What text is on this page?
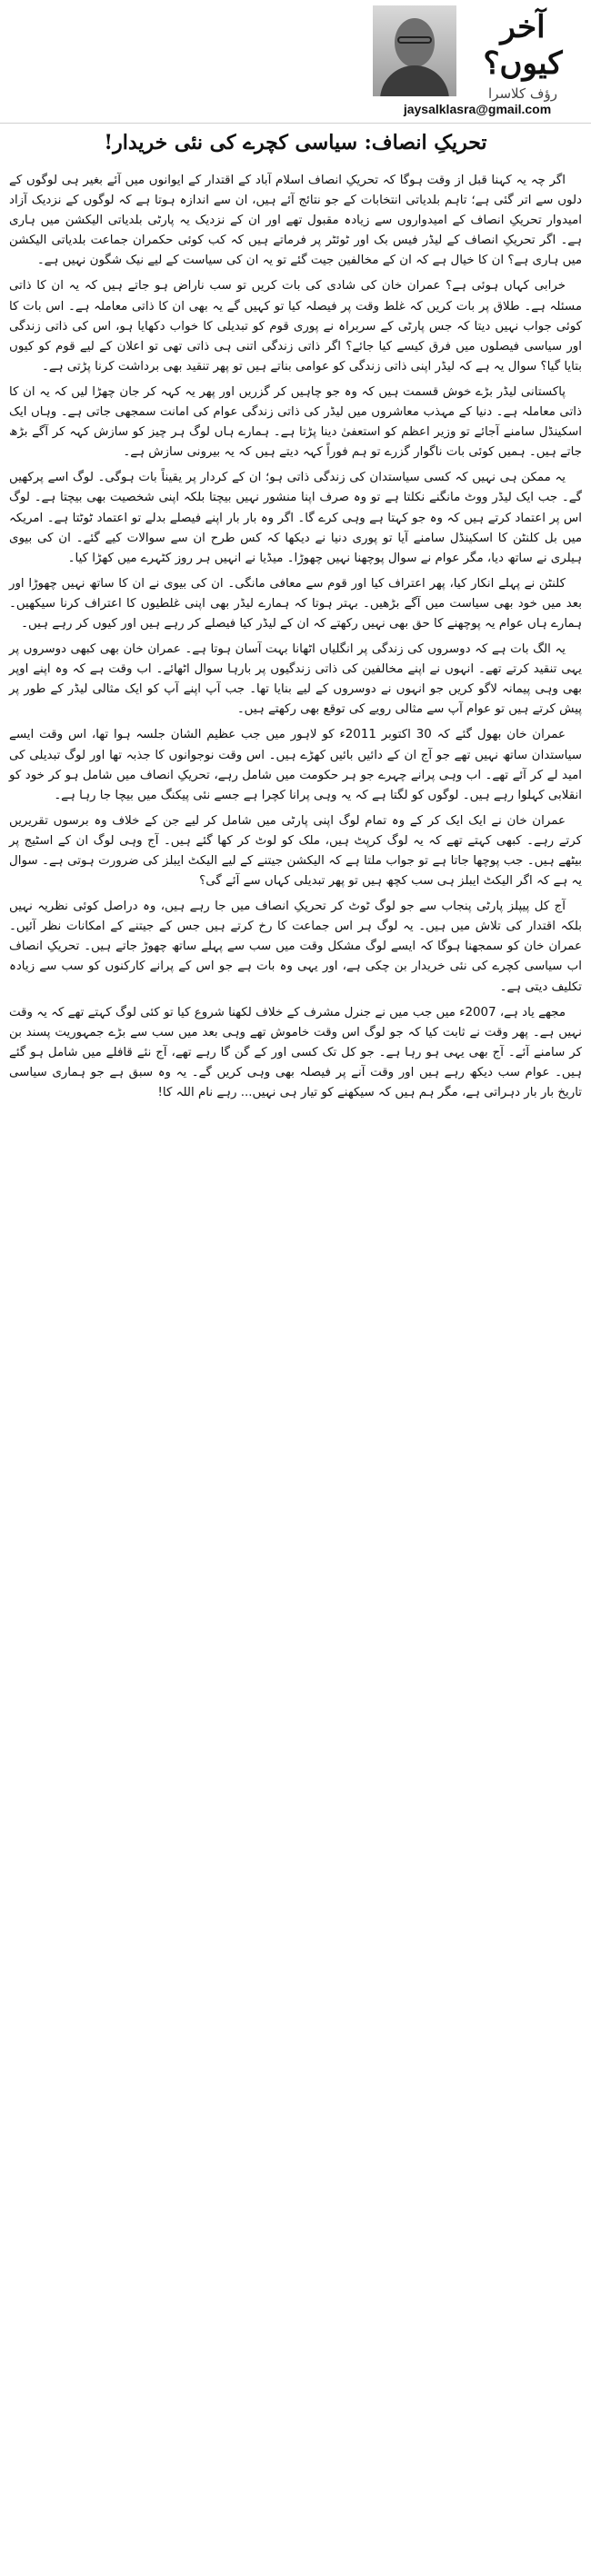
آخر کیوں؟
رؤف کلاسرا
jaysalklasra@gmail.com
تحریکِ انصاف: سیاسی کچرے کی نئی خریدار!

اگر چہ یہ کہنا قبل از وقت ہوگا کہ تحریکِ انصاف اسلام آباد کے اقتدار کے ایوانوں میں آئے بغیر ہی لوگوں کے دلوں سے اتر گئی ہے؛ تاہم بلدیاتی انتخابات کے جو نتائج آئے ہیں، ان سے اندازہ ہوتا ہے کہ لوگوں کے نزدیک آزاد امیدوار تحریکِ انصاف کے امیدواروں سے زیادہ مقبول تھے اور ان کے نزدیک یہ پارٹی بلدیاتی الیکشن میں ہاری ہے۔ اگر تحریکِ انصاف کے لیڈر فیس بک اور ٹوئٹر پر فرماتے ہیں کہ کب کوئی حکمران جماعت بلدیاتی الیکشن میں ہاری ہے؟ ان کا خیال ہے کہ ان کے مخالفین جیت گئے تو یہ ان کی سیاست کے لیے نیک شگون نہیں ہے۔

خرابی کہاں ہوئی ہے؟ عمران خان کی شادی کی بات کریں تو سب ناراض ہو جاتے ہیں کہ یہ ان کا ذاتی مسئلہ ہے۔ طلاق پر بات کریں کہ غلط وقت پر فیصلہ کیا تو کہیں گے یہ بھی ان کا ذاتی معاملہ ہے۔ اس بات کا کوئی جواب نہیں دیتا کہ جس پارٹی کے سربراہ نے پوری قوم کو تبدیلی کا خواب دکھایا ہو، اس کی ذاتی زندگی اور سیاسی فیصلوں میں فرق کیسے کیا جائے؟ اگر ذاتی زندگی اتنی ہی ذاتی تھی تو اعلان کے لیے قوم کو کیوں بتایا گیا؟ سوال یہ ہے کہ لیڈر اپنی ذاتی زندگی کو عوامی بناتے ہیں تو پھر تنقید بھی برداشت کرنا پڑتی ہے۔

پاکستانی لیڈر بڑے خوش قسمت ہیں کہ وہ جو چاہیں کر گزریں اور پھر یہ کہہ کر جان چھڑا لیں کہ یہ ان کا ذاتی معاملہ ہے۔ دنیا کے مہذب معاشروں میں لیڈر کی ذاتی زندگی عوام کی امانت سمجھی جاتی ہے۔ وہاں ایک اسکینڈل سامنے آجائے تو وزیر اعظم کو استعفیٰ دینا پڑتا ہے۔ ہمارے ہاں لوگ ہر چیز کو سازش کہہ کر آگے بڑھ جاتے ہیں۔ ہمیں کوئی بات ناگوار گزرے تو ہم فوراً کہہ دیتے ہیں کہ یہ بیرونی سازش ہے۔

یہ ممکن ہی نہیں کہ کسی سیاستدان کی زندگی ذاتی ہو؛ ان کے کردار پر یقیناً بات ہوگی۔ لوگ اسے پرکھیں گے۔ جب ایک لیڈر ووٹ مانگنے نکلتا ہے تو وہ صرف اپنا منشور نہیں بیچتا بلکہ اپنی شخصیت بھی بیچتا ہے۔ لوگ اس پر اعتماد کرتے ہیں کہ وہ جو کہتا ہے وہی کرے گا۔ اگر وہ بار بار اپنے فیصلے بدلے تو اعتماد ٹوٹتا ہے۔ امریکہ میں بل کلنٹن کا اسکینڈل سامنے آیا تو پوری دنیا نے دیکھا کہ کس طرح ان سے سوالات کیے گئے۔ ان کی بیوی ہیلری نے ساتھ دیا، مگر عوام نے سوال پوچھنا نہیں چھوڑا۔ میڈیا نے انہیں ہر روز کٹہرے میں کھڑا کیا۔

کلنٹن نے پہلے انکار کیا، پھر اعتراف کیا اور قوم سے معافی مانگی۔ ان کی بیوی نے ان کا ساتھ نہیں چھوڑا اور بعد میں خود بھی سیاست میں آگے بڑھیں۔ بہتر ہوتا کہ ہمارے لیڈر بھی اپنی غلطیوں کا اعتراف کرنا سیکھیں۔ ہمارے ہاں عوام یہ پوچھنے کا حق بھی نہیں رکھتے کہ ان کے لیڈر کیا فیصلے کر رہے ہیں اور کیوں کر رہے ہیں۔

یہ الگ بات ہے کہ دوسروں کی زندگی پر انگلیاں اٹھانا بہت آسان ہوتا ہے۔ عمران خان بھی کبھی دوسروں پر یہی تنقید کرتے تھے۔ انہوں نے اپنے مخالفین کی ذاتی زندگیوں پر بارہا سوال اٹھائے۔ اب وقت ہے کہ وہ اپنے اوپر بھی وہی پیمانہ لاگو کریں جو انہوں نے دوسروں کے لیے بنایا تھا۔ جب آپ اپنے آپ کو ایک مثالی لیڈر کے طور پر پیش کرتے ہیں تو عوام آپ سے مثالی رویے کی توقع بھی رکھتے ہیں۔

عمران خان بھول گئے کہ 30 اکتوبر 2011ء کو لاہور میں جب عظیم الشان جلسہ ہوا تھا، اس وقت ایسے سیاستدان ساتھ نہیں تھے جو آج ان کے دائیں بائیں کھڑے ہیں۔ اس وقت نوجوانوں کا جذبہ تھا اور لوگ تبدیلی کی امید لے کر آئے تھے۔ اب وہی پرانے چہرے جو ہر حکومت میں شامل رہے، تحریکِ انصاف میں شامل ہو کر خود کو انقلابی کہلوا رہے ہیں۔ لوگوں کو لگتا ہے کہ یہ وہی پرانا کچرا ہے جسے نئی پیکنگ میں بیچا جا رہا ہے۔

عمران خان نے ایک ایک کر کے وہ تمام لوگ اپنی پارٹی میں شامل کر لیے جن کے خلاف وہ برسوں تقریریں کرتے رہے۔ کبھی کہتے تھے کہ یہ لوگ کرپٹ ہیں، ملک کو لوٹ کر کھا گئے ہیں۔ آج وہی لوگ ان کے اسٹیج پر بیٹھے ہیں۔ جب پوچھا جاتا ہے تو جواب ملتا ہے کہ الیکشن جیتنے کے لیے الیکٹ ایبلز کی ضرورت ہوتی ہے۔ سوال یہ ہے کہ اگر الیکٹ ایبلز ہی سب کچھ ہیں تو پھر تبدیلی کہاں سے آئے گی؟

آج کل پیپلز پارٹی پنجاب سے جو لوگ ٹوٹ کر تحریکِ انصاف میں جا رہے ہیں، وہ دراصل کوئی نظریہ نہیں بلکہ اقتدار کی تلاش میں ہیں۔ یہ لوگ ہر اس جماعت کا رخ کرتے ہیں جس کے جیتنے کے امکانات نظر آئیں۔ عمران خان کو سمجھنا ہوگا کہ ایسے لوگ مشکل وقت میں سب سے پہلے ساتھ چھوڑ جاتے ہیں۔ تحریکِ انصاف اب سیاسی کچرے کی نئی خریدار بن چکی ہے، اور یہی وہ بات ہے جو اس کے پرانے کارکنوں کو سب سے زیادہ تکلیف دیتی ہے۔

مجھے یاد ہے، 2007ء میں جب میں نے جنرل مشرف کے خلاف لکھنا شروع کیا تو کئی لوگ کہتے تھے کہ یہ وقت نہیں ہے۔ پھر وقت نے ثابت کیا کہ جو لوگ اس وقت خاموش تھے وہی بعد میں سب سے بڑے جمہوریت پسند بن کر سامنے آئے۔ آج بھی یہی ہو رہا ہے۔ جو کل تک کسی اور کے گن گا رہے تھے، آج نئے قافلے میں شامل ہو گئے ہیں۔ عوام سب دیکھ رہے ہیں اور وقت آنے پر فیصلہ بھی وہی کریں گے۔ یہ وہ سبق ہے جو ہماری سیاسی تاریخ بار بار دہراتی ہے، مگر ہم ہیں کہ سیکھنے کو تیار ہی نہیں... رہے نام اللہ کا!
